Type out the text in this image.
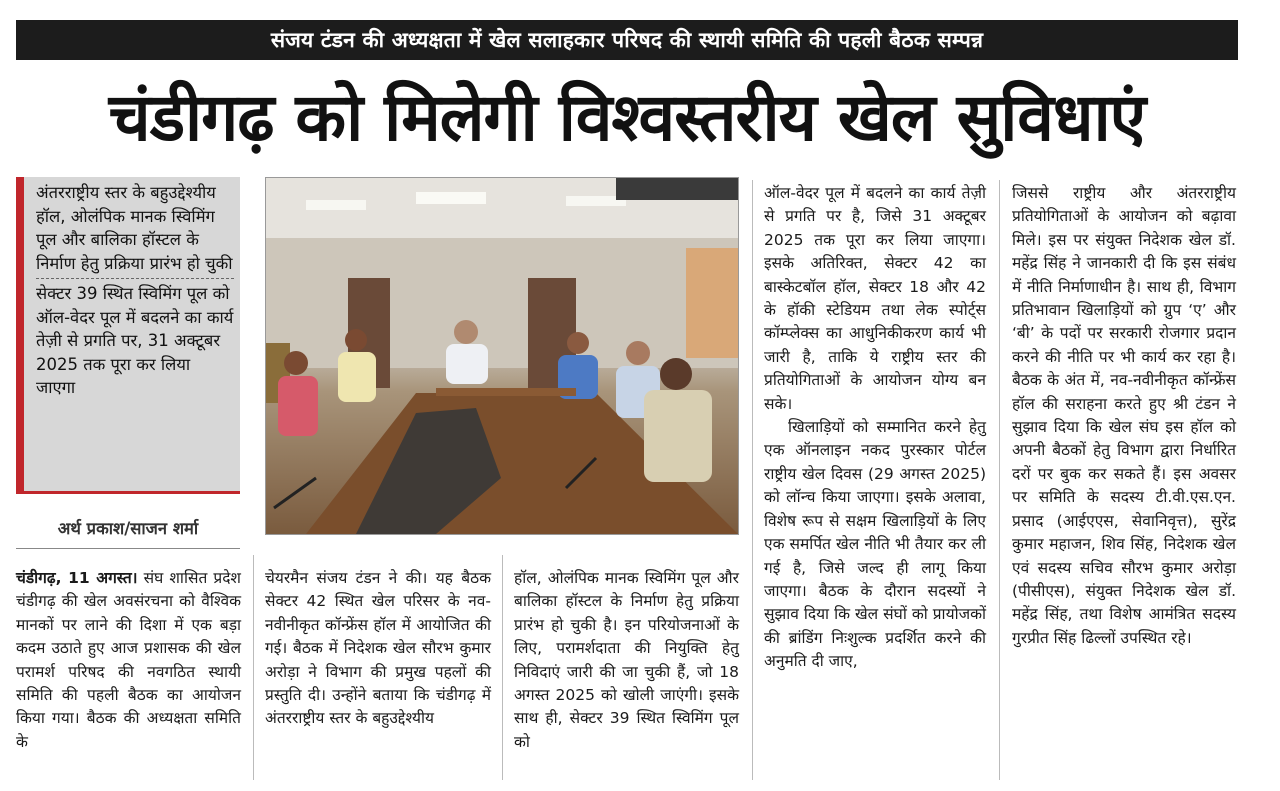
संजय टंडन की अध्यक्षता में खेल सलाहकार परिषद की स्थायी समिति की पहली बैठक सम्पन्न
चंडीगढ़ को मिलेगी विश्वस्तरीय खेल सुविधाएं
अंतरराष्ट्रीय स्तर के बहुउद्देश्यीय हॉल, ओलंपिक मानक स्विमिंग पूल और बालिका हॉस्टल के निर्माण हेतु प्रक्रिया प्रारंभ हो चुकी
सेक्टर 39 स्थित स्विमिंग पूल को ऑल-वेदर पूल में बदलने का कार्य तेज़ी से प्रगति पर, 31 अक्टूबर 2025 तक पूरा कर लिया जाएगा
अर्थ प्रकाश/साजन शर्मा

चंडीगढ़, 11 अगस्त। संघ शासित प्रदेश चंडीगढ़ की खेल अवसंरचना को वैश्विक मानकों पर लाने की दिशा में एक बड़ा कदम उठाते हुए आज प्रशासक की खेल परामर्श परिषद की नवगठित स्थायी समिति की पहली बैठक का आयोजन किया गया। बैठक की अध्यक्षता समिति के

चेयरमैन संजय टंडन ने की। यह बैठक सेक्टर 42 स्थित खेल परिसर के नव-नवीनीकृत कॉन्फ्रेंस हॉल में आयोजित की गई। बैठक में निदेशक खेल सौरभ कुमार अरोड़ा ने विभाग की प्रमुख पहलों की प्रस्तुति दी। उन्होंने बताया कि चंडीगढ़ में अंतरराष्ट्रीय स्तर के बहुउद्देश्यीय

हॉल, ओलंपिक मानक स्विमिंग पूल और बालिका हॉस्टल के निर्माण हेतु प्रक्रिया प्रारंभ हो चुकी है। इन परियोजनाओं के लिए, परामर्शदाता की नियुक्ति हेतु निविदाएं जारी की जा चुकी हैं, जो 18 अगस्त 2025 को खोली जाएंगी। इसके साथ ही, सेक्टर 39 स्थित स्विमिंग पूल को

ऑल-वेदर पूल में बदलने का कार्य तेज़ी से प्रगति पर है, जिसे 31 अक्टूबर 2025 तक पूरा कर लिया जाएगा। इसके अतिरिक्त, सेक्टर 42 का बास्केटबॉल हॉल, सेक्टर 18 और 42 के हॉकी स्टेडियम तथा लेक स्पोर्ट्स कॉम्प्लेक्स का आधुनिकीकरण कार्य भी जारी है, ताकि ये राष्ट्रीय स्तर की प्रतियोगिताओं के आयोजन योग्य बन सके।

खिलाड़ियों को सम्मानित करने हेतु एक ऑनलाइन नकद पुरस्कार पोर्टल राष्ट्रीय खेल दिवस (29 अगस्त 2025) को लॉन्च किया जाएगा। इसके अलावा, विशेष रूप से सक्षम खिलाड़ियों के लिए एक समर्पित खेल नीति भी तैयार कर ली गई है, जिसे जल्द ही लागू किया जाएगा। बैठक के दौरान सदस्यों ने सुझाव दिया कि खेल संघों को प्रायोजकों की ब्रांडिंग निःशुल्क प्रदर्शित करने की अनुमति दी जाए,

जिससे राष्ट्रीय और अंतरराष्ट्रीय प्रतियोगिताओं के आयोजन को बढ़ावा मिले। इस पर संयुक्त निदेशक खेल डॉ. महेंद्र सिंह ने जानकारी दी कि इस संबंध में नीति निर्माणाधीन है। साथ ही, विभाग प्रतिभावान खिलाड़ियों को ग्रुप ‘ए’ और ‘बी’ के पदों पर सरकारी रोजगार प्रदान करने की नीति पर भी कार्य कर रहा है। बैठक के अंत में, नव-नवीनीकृत कॉन्फ्रेंस हॉल की सराहना करते हुए श्री टंडन ने सुझाव दिया कि खेल संघ इस हॉल को अपनी बैठकों हेतु विभाग द्वारा निर्धारित दरों पर बुक कर सकते हैं। इस अवसर पर समिति के सदस्य टी.वी.एस.एन. प्रसाद (आईएएस, सेवानिवृत्त), सुरेंद्र कुमार महाजन, शिव सिंह, निदेशक खेल एवं सदस्य सचिव सौरभ कुमार अरोड़ा (पीसीएस), संयुक्त निदेशक खेल डॉ. महेंद्र सिंह, तथा विशेष आमंत्रित सदस्य गुरप्रीत सिंह ढिल्लों उपस्थित रहे।
